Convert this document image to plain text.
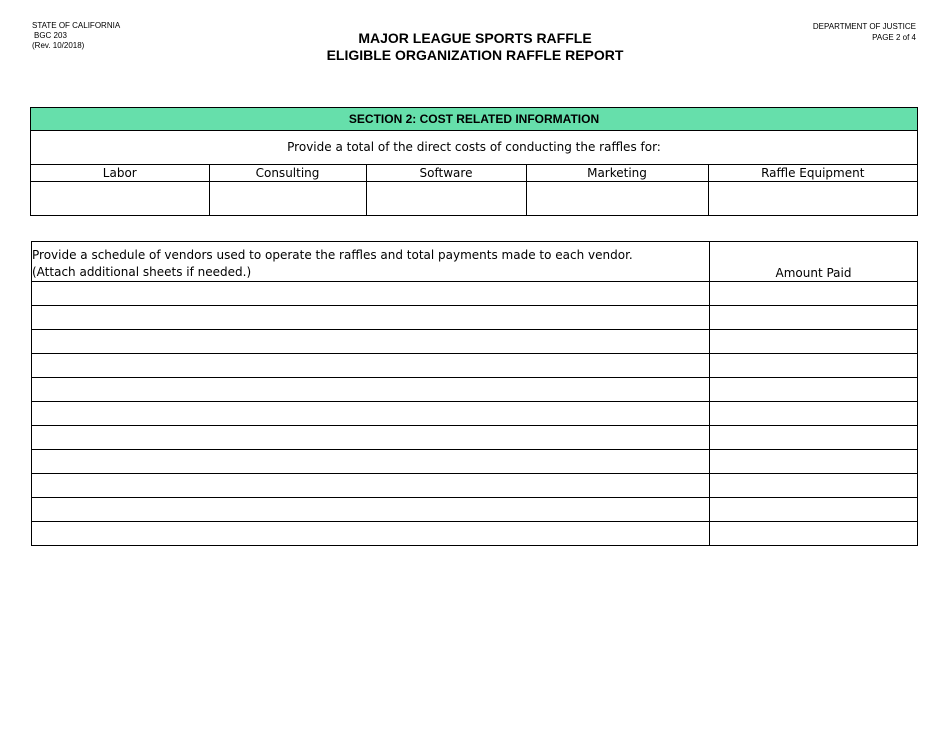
STATE OF CALIFORNIA
BGC 203
(Rev. 10/2018)
DEPARTMENT OF JUSTICE
PAGE 2 of 4
MAJOR LEAGUE SPORTS RAFFLE
ELIGIBLE ORGANIZATION RAFFLE REPORT
SECTION 2: COST RELATED INFORMATION
Provide a total of the direct costs of conducting the raffles for:
Labor	Consulting	Software	Marketing	Raffle Equipment

Provide a schedule of vendors used to operate the raffles and total payments made to each vendor.
(Attach additional sheets if needed.)	Amount Paid
